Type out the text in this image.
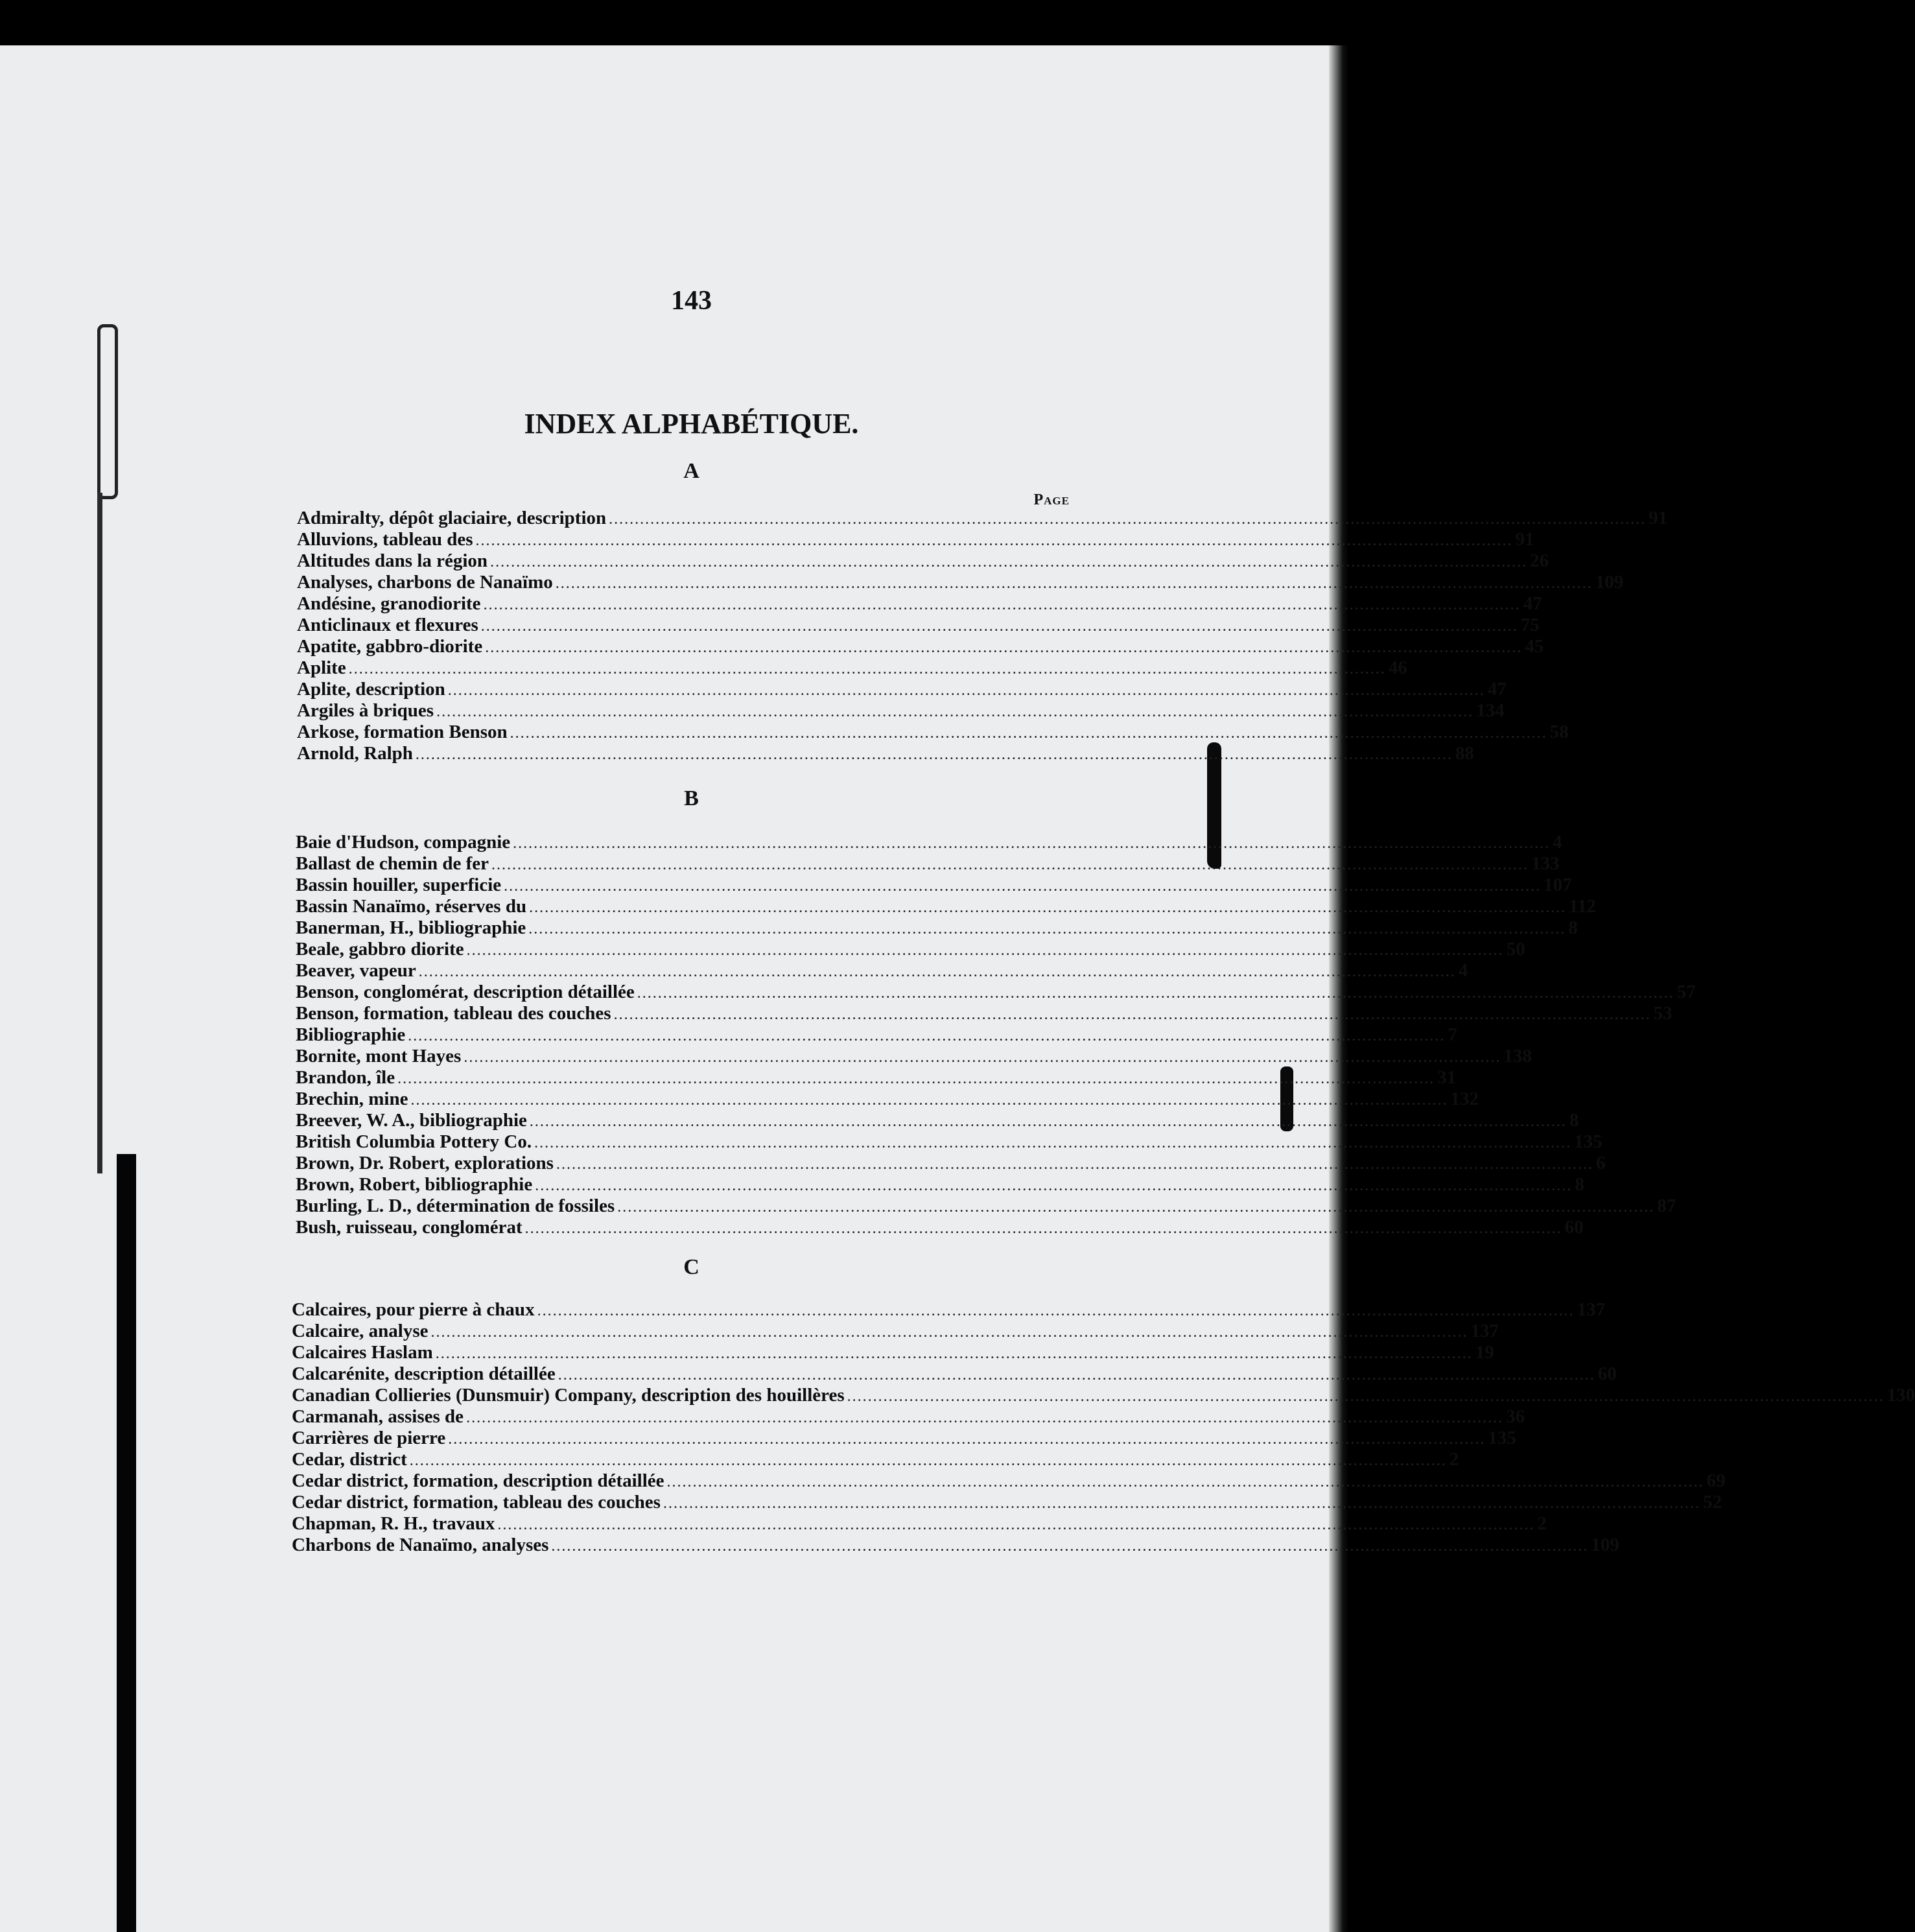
143
INDEX ALPHABÉTIQUE.
Page
A
B
C
Admiralty, dépôt glaciaire, description ........................................................................................................................................................................................................ 91
Alluvions, tableau des ........................................................................................................................................................................................................ 91
Altitudes dans la région ........................................................................................................................................................................................................ 26
Analyses, charbons de Nanaïmo ........................................................................................................................................................................................................ 109
Andésine, granodiorite ........................................................................................................................................................................................................ 47
Anticlinaux et flexures ........................................................................................................................................................................................................ 75
Apatite, gabbro-diorite ........................................................................................................................................................................................................ 45
Aplite ........................................................................................................................................................................................................ 46
Aplite, description ........................................................................................................................................................................................................ 47
Argiles à briques ........................................................................................................................................................................................................ 134
Arkose, formation Benson ........................................................................................................................................................................................................ 58
Arnold, Ralph ........................................................................................................................................................................................................ 88
Baie d'Hudson, compagnie ........................................................................................................................................................................................................ 4
Ballast de chemin de fer ........................................................................................................................................................................................................ 133
Bassin houiller, superficie ........................................................................................................................................................................................................ 107
Bassin Nanaïmo, réserves du ........................................................................................................................................................................................................ 112
Banerman, H., bibliographie ........................................................................................................................................................................................................ 8
Beale, gabbro diorite ........................................................................................................................................................................................................ 50
Beaver, vapeur ........................................................................................................................................................................................................ 4
Benson, conglomérat, description détaillée ........................................................................................................................................................................................................ 57
Benson, formation, tableau des couches ........................................................................................................................................................................................................ 53
Bibliographie ........................................................................................................................................................................................................ 7
Bornite, mont Hayes ........................................................................................................................................................................................................ 138
Brandon, île ........................................................................................................................................................................................................ 31
Brechin, mine ........................................................................................................................................................................................................ 132
Breever, W. A., bibliographie ........................................................................................................................................................................................................ 8
British Columbia Pottery Co. ........................................................................................................................................................................................................ 135
Brown, Dr. Robert, explorations ........................................................................................................................................................................................................ 6
Brown, Robert, bibliographie ........................................................................................................................................................................................................ 8
Burling, L. D., détermination de fossiles ........................................................................................................................................................................................................ 87
Bush, ruisseau, conglomérat ........................................................................................................................................................................................................ 60
Calcaires, pour pierre à chaux ........................................................................................................................................................................................................ 137
Calcaire, analyse ........................................................................................................................................................................................................ 137
Calcaires Haslam ........................................................................................................................................................................................................ 19
Calcarénite, description détaillée ........................................................................................................................................................................................................ 60
Canadian Collieries (Dunsmuir) Company, description des houillères ........................................................................................................................................................................................................ 130
Carmanah, assises de ........................................................................................................................................................................................................ 36
Carrières de pierre ........................................................................................................................................................................................................ 135
Cedar, district ........................................................................................................................................................................................................ 2
Cedar district, formation, description détaillée ........................................................................................................................................................................................................ 69
Cedar district, formation, tableau des couches ........................................................................................................................................................................................................ 52
Chapman, R. H., travaux ........................................................................................................................................................................................................ 2
Charbons de Nanaïmo, analyses ........................................................................................................................................................................................................ 109
